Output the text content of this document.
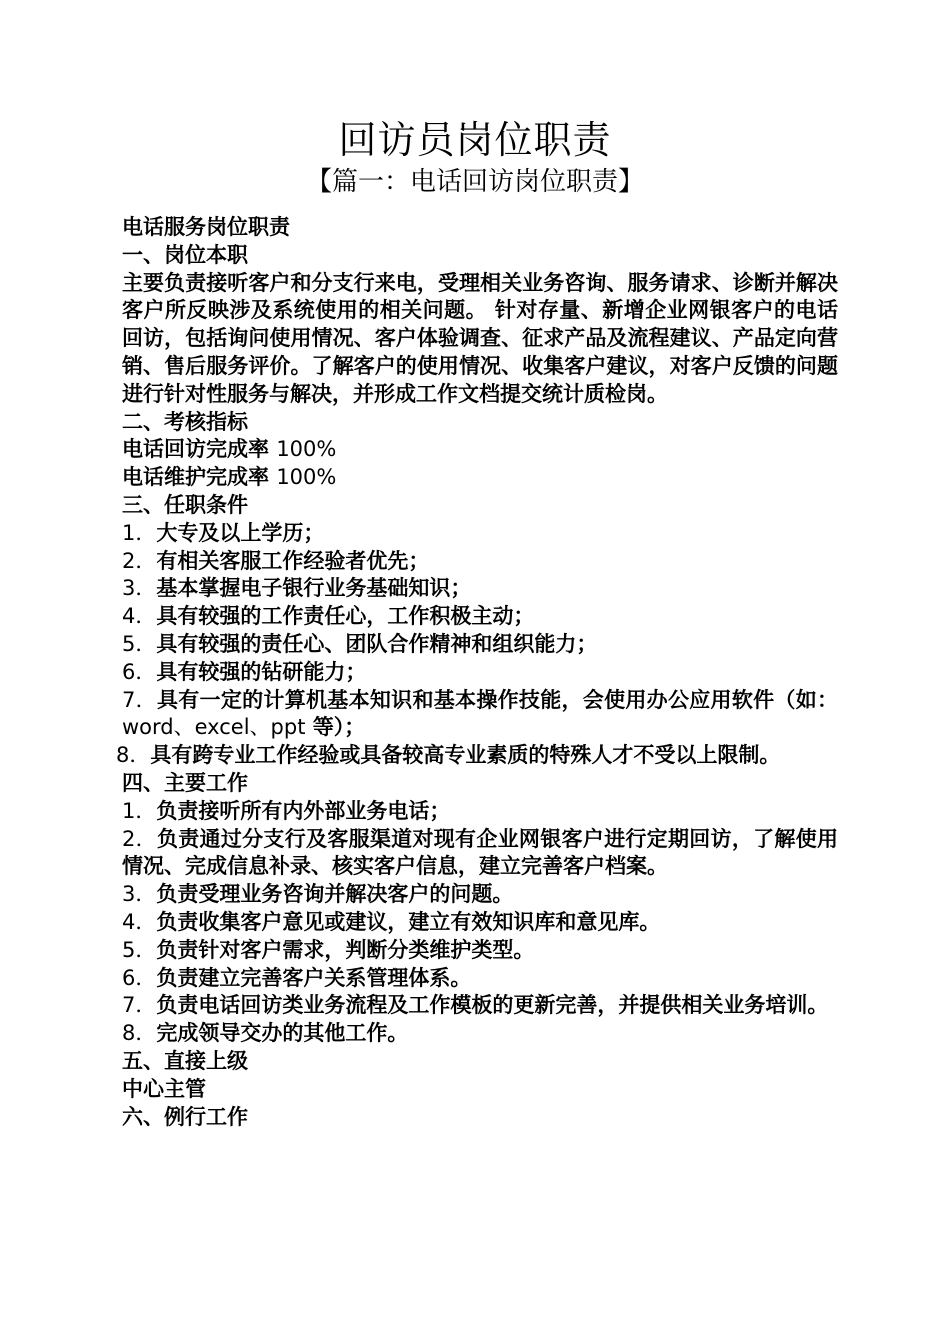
回访员岗位职责
【篇一：电话回访岗位职责】

电话服务岗位职责

一、岗位本职

主要负责接听客户和分支行来电，受理相关业务咨询、服务请求、诊断并解决客户所反映涉及系统使用的相关问题。 针对存量、新增企业网银客户的电话回访，包括询问使用情况、客户体验调查、征求产品及流程建议、产品定向营销、售后服务评价。了解客户的使用情况、收集客户建议，对客户反馈的问题进行针对性服务与解决，并形成工作文档提交统计质检岗。

二、考核指标

电话回访完成率 100%

电话维护完成率 100%

三、任职条件

1．大专及以上学历；

2．有相关客服工作经验者优先；

3．基本掌握电子银行业务基础知识；

4．具有较强的工作责任心，工作积极主动；

5．具有较强的责任心、团队合作精神和组织能力；

6．具有较强的钻研能力；

7．具有一定的计算机基本知识和基本操作技能，会使用办公应用软件（如：word、excel、ppt 等）；

8．具有跨专业工作经验或具备较高专业素质的特殊人才不受以上限制。

四、主要工作

1．负责接听所有内外部业务电话；

2．负责通过分支行及客服渠道对现有企业网银客户进行定期回访，了解使用情况、完成信息补录、核实客户信息，建立完善客户档案。

3．负责受理业务咨询并解决客户的问题。

4．负责收集客户意见或建议，建立有效知识库和意见库。

5．负责针对客户需求，判断分类维护类型。

6．负责建立完善客户关系管理体系。

7．负责电话回访类业务流程及工作模板的更新完善，并提供相关业务培训。

8．完成领导交办的其他工作。

五、直接上级

中心主管

六、例行工作
